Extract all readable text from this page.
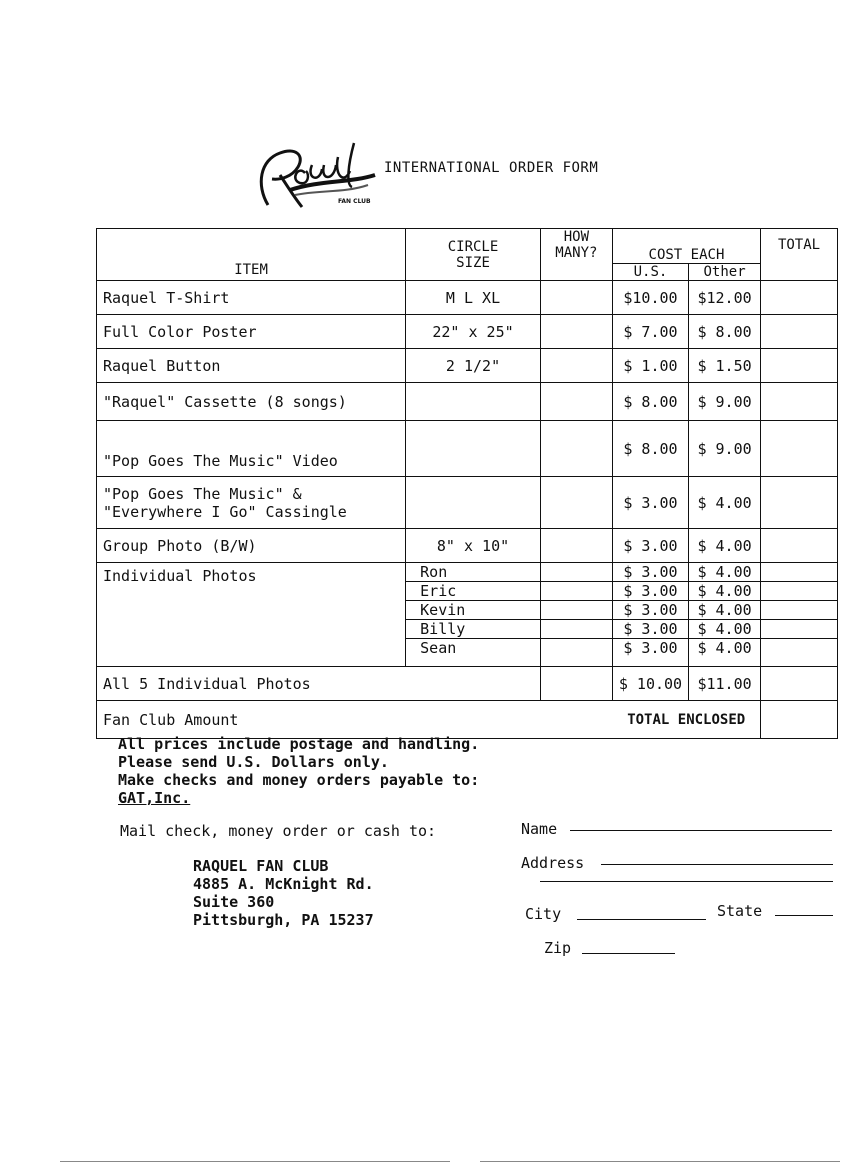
FAN CLUB
INTERNATIONAL ORDER FORM
ITEM	CIRCLE SIZE	HOW MANY?	COST EACH		TOTAL
			U.S.	Other	
Raquel T-Shirt	M L XL		$10.00	$12.00	
Full Color Poster	22" x 25"		$ 7.00	$ 8.00	
Raquel Button	2 1/2"		$ 1.00	$ 1.50	
"Raquel" Cassette (8 songs)			$ 8.00	$ 9.00	
"Pop Goes The Music" Video			$ 8.00	$ 9.00	

"Pop Goes The Music" &
"Everywhere I Go" Cassingle			$ 3.00	$ 4.00	
Group Photo (B/W)	8" x 10"		$ 3.00	$ 4.00	
Individual Photos	Ron		$ 3.00	$ 4.00	
	Eric		$ 3.00	$ 4.00	
	Kevin		$ 3.00	$ 4.00	
	Billy		$ 3.00	$ 4.00	
	Sean		$ 3.00	$ 4.00	
All 5 Individual Photos			$ 10.00	$11.00	
Fan Club Amount			TOTAL ENCLOSED		
All prices include postage and handling.
Please send U.S. Dollars only.
Make checks and money orders payable to:
GAT,Inc.
Mail check, money order or cash to:
RAQUEL FAN CLUB
4885 A. McKnight Rd.
Suite 360
Pittsburgh, PA 15237
Name
Address
City	State
Zip
